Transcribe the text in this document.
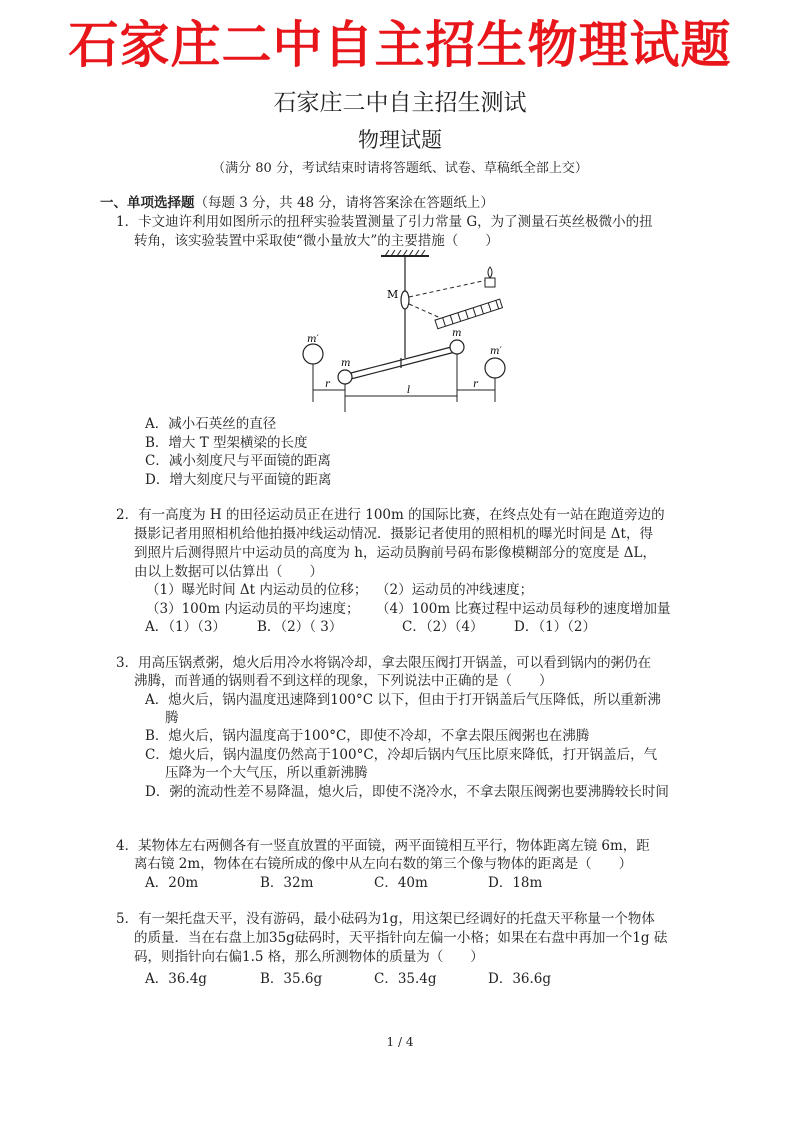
石家庄二中自主招生物理试题
石家庄二中自主招生测试
物理试题
（满分 80 分，考试结束时请将答题纸、试卷、草稿纸全部上交）
一、单项选择题（每题 3 分，共 48 分，请将答案涂在答题纸上）
1．卡文迪许利用如图所示的扭秤实验装置测量了引力常量 G，为了测量石英丝极微小的扭
转角，该实验装置中采取使“微小量放大”的主要措施（　　）
M
m
m
m′
m′
r
l
r
A．减小石英丝的直径
B．增大 T 型架横梁的长度
C．减小刻度尺与平面镜的距离
D．增大刻度尺与平面镜的距离
2．有一高度为 H 的田径运动员正在进行 100m 的国际比赛，在终点处有一站在跑道旁边的
摄影记者用照相机给他拍摄冲线运动情况．摄影记者使用的照相机的曝光时间是 Δt，得
到照片后测得照片中运动员的高度为 h，运动员胸前号码布影像模糊部分的宽度是 ΔL，
由以上数据可以估算出（　　）
（1）曝光时间 Δt 内运动员的位移； （2）运动员的冲线速度；
（3）100m 内运动员的平均速度； （4）100m 比赛过程中运动员每秒的速度增加量
A．（1）（3） B．（2）（ 3）	C．（2）（4） D．（1）（2）
3．用高压锅煮粥，熄火后用冷水将锅冷却，拿去限压阀打开锅盖，可以看到锅内的粥仍在
沸腾，而普通的锅则看不到这样的现象，下列说法中正确的是（　　）
A．熄火后，锅内温度迅速降到100°C 以下，但由于打开锅盖后气压降低，所以重新沸
腾
B．熄火后，锅内温度高于100°C，即使不冷却，不拿去限压阀粥也在沸腾
C．熄火后，锅内温度仍然高于100°C，冷却后锅内气压比原来降低，打开锅盖后，气
压降为一个大气压，所以重新沸腾
D．粥的流动性差不易降温，熄火后，即使不浇冷水，不拿去限压阀粥也要沸腾较长时间
4．某物体左右两侧各有一竖直放置的平面镜，两平面镜相互平行，物体距离左镜 6m，距
离右镜 2m，物体在右镜所成的像中从左向右数的第三个像与物体的距离是（　　）
A．20m	B．32m	C．40m	D．18m
5．有一架托盘天平，没有游码，最小砝码为1g，用这架已经调好的托盘天平称量一个物体
的质量．当在右盘上加35g砝码时，天平指针向左偏一小格；如果在右盘中再加一个1g 砝
码，则指针向右偏1.5 格，那么所测物体的质量为（　　）
A．36.4g	B．35.6g	C．35.4g	D．36.6g
1 / 4
